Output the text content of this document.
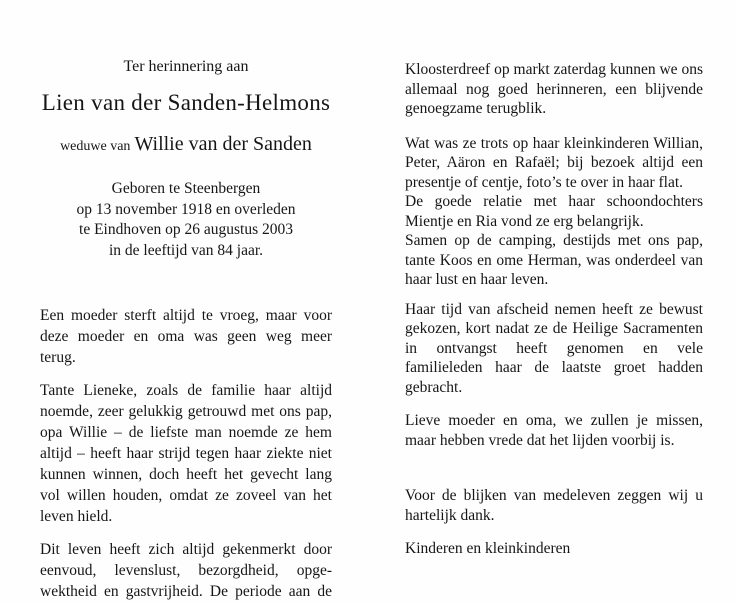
Ter herinnering aan
Lien van der Sanden-Helmons
weduwe van Willie van der Sanden
Geboren te Steenbergen
op 13 november 1918 en overleden
te Eindhoven op 26 augustus 2003
in de leeftijd van 84 jaar.

Een moeder sterft altijd te vroeg, maar voor deze moeder en oma was geen weg meer terug.

Tante Lieneke, zoals de familie haar altijd noemde, zeer gelukkig getrouwd met ons pap, opa Willie – de liefste man noemde ze hem altijd – heeft haar strijd tegen haar ziekte niet kunnen winnen, doch heeft het gevecht lang vol willen houden, omdat ze zoveel van het leven hield.

Dit leven heeft zich altijd gekenmerkt door eenvoud, levenslust, bezorgdheid, opgewektheid en gastvrijheid. De periode aan de

Kloosterdreef op markt zaterdag kunnen we ons allemaal nog goed herinneren, een blijvende genoegzame terugblik.

Wat was ze trots op haar kleinkinderen Willian, Peter, Aäron en Rafaël; bij bezoek altijd een presentje of centje, foto’s te over in haar flat.

De goede relatie met haar schoondochters Mientje en Ria vond ze erg belangrijk.

Samen op de camping, destijds met ons pap, tante Koos en ome Herman, was onderdeel van haar lust en haar leven.

Haar tijd van afscheid nemen heeft ze bewust gekozen, kort nadat ze de Heilige Sacramenten in ontvangst heeft genomen en vele familieleden haar de laatste groet hadden gebracht.

Lieve moeder en oma, we zullen je missen, maar hebben vrede dat het lijden voorbij is.

Voor de blijken van medeleven zeggen wij u hartelijk dank.

Kinderen en kleinkinderen
